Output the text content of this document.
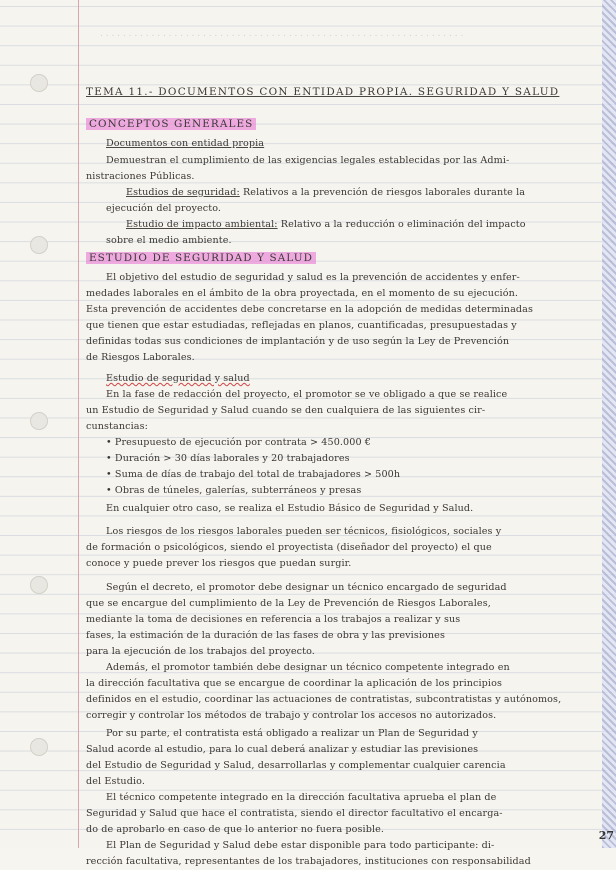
. . . . . . . . . . . . . . . . . . . . . . . . . . . . . . . . . . . . . . . . . . . . . . . . . . . . . . . . . . . . . . . .
TEMA 11.- DOCUMENTOS CON ENTIDAD PROPIA. SEGURIDAD Y SALUD
CONCEPTOS GENERALES
Documentos con entidad propia
Demuestran el cumplimiento de las exigencias legales establecidas por las Admi-
nistraciones Públicas.
Estudios de seguridad: Relativos a la prevención de riesgos laborales durante la
ejecución del proyecto.
Estudio de impacto ambiental: Relativo a la reducción o eliminación del impacto
sobre el medio ambiente.
ESTUDIO DE SEGURIDAD Y SALUD
El objetivo del estudio de seguridad y salud es la prevención de accidentes y enfer-
medades laborales en el ámbito de la obra proyectada, en el momento de su ejecución.
Esta prevención de accidentes debe concretarse en la adopción de medidas determinadas
que tienen que estar estudiadas, reflejadas en planos, cuantificadas, presupuestadas y
definidas todas sus condiciones de implantación y de uso según la Ley de Prevención
de Riesgos Laborales.
Estudio de seguridad y salud
En la fase de redacción del proyecto, el promotor se ve obligado a que se realice
un Estudio de Seguridad y Salud cuando se den cualquiera de las siguientes cir-
cunstancias:
• Presupuesto de ejecución por contrata > 450.000 €
• Duración > 30 días laborales y 20 trabajadores
• Suma de días de trabajo del total de trabajadores > 500h
• Obras de túneles, galerías, subterráneos y presas
En cualquier otro caso, se realiza el Estudio Básico de Seguridad y Salud.
Los riesgos de los riesgos laborales pueden ser técnicos, fisiológicos, sociales y
de formación o psicológicos, siendo el proyectista (diseñador del proyecto) el que
conoce y puede prever los riesgos que puedan surgir.
Según el decreto, el promotor debe designar un técnico encargado de seguridad
que se encargue del cumplimiento de la Ley de Prevención de Riesgos Laborales,
mediante la toma de decisiones en referencia a los trabajos a realizar y sus
fases, la estimación de la duración de las fases de obra y las previsiones
para la ejecución de los trabajos del proyecto.
Además, el promotor también debe designar un técnico competente integrado en
la dirección facultativa que se encargue de coordinar la aplicación de los principios
definidos en el estudio, coordinar las actuaciones de contratistas, subcontratistas y autónomos,
corregir y controlar los métodos de trabajo y controlar los accesos no autorizados.
Por su parte, el contratista está obligado a realizar un Plan de Seguridad y
Salud acorde al estudio, para lo cual deberá analizar y estudiar las previsiones
del Estudio de Seguridad y Salud, desarrollarlas y complementar cualquier carencia
del Estudio.
El técnico competente integrado en la dirección facultativa aprueba el plan de
Seguridad y Salud que hace el contratista, siendo el director facultativo el encarga-
do de aprobarlo en caso de que lo anterior no fuera posible.
El Plan de Seguridad y Salud debe estar disponible para todo participante: di-
rección facultativa, representantes de los trabajadores, instituciones con responsabilidad
27
